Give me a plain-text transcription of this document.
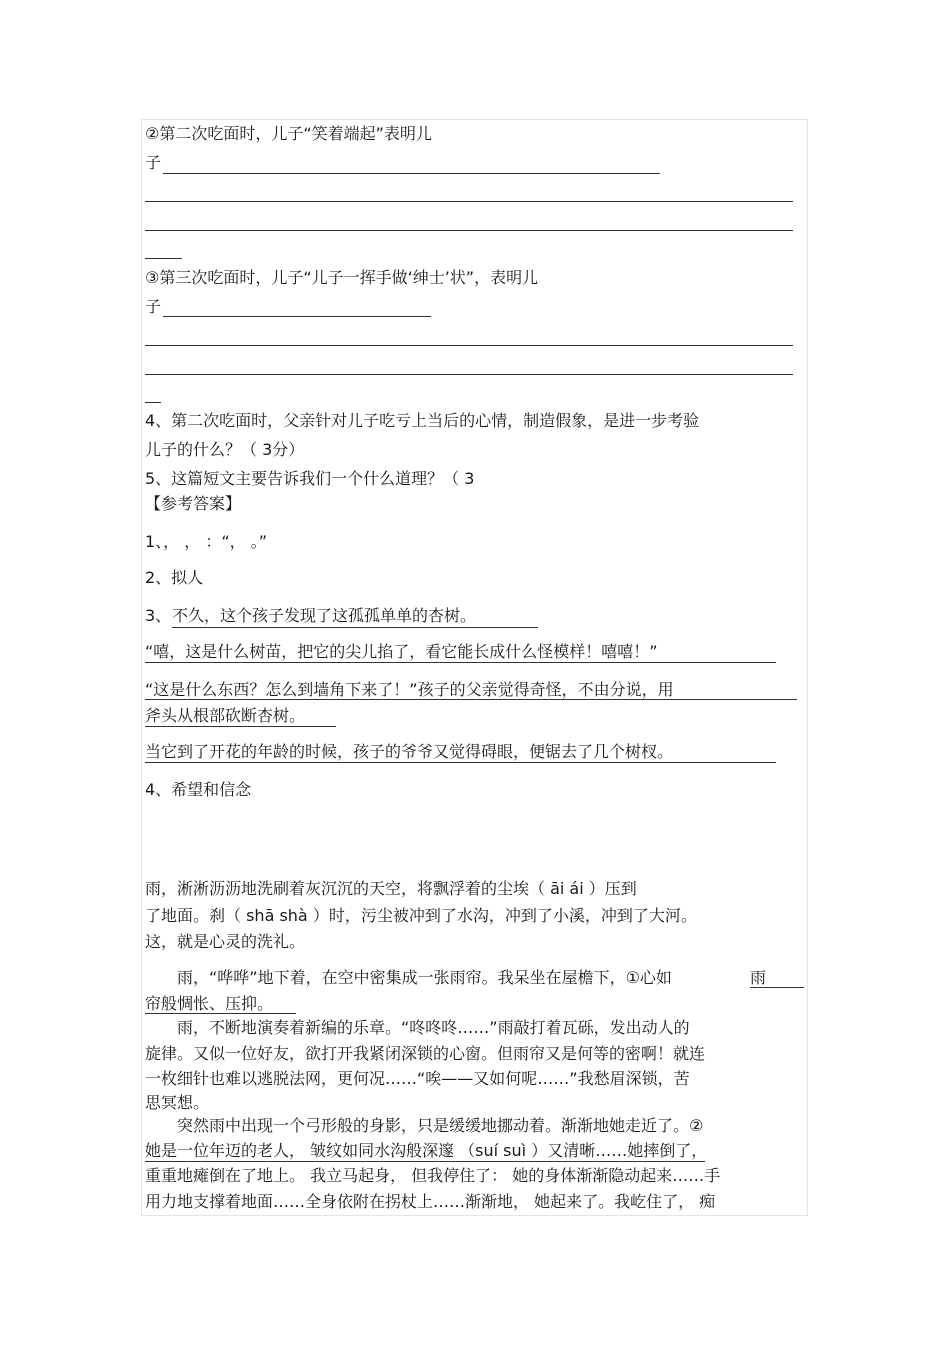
②第二次吃面时，儿子“笑着端起”表明儿
子
③第三次吃面时，儿子“儿子一挥手做‘绅士’状”，表明儿
子
4、第二次吃面时，父亲针对儿子吃亏上当后的心情，制造假象，是进一步考验
儿子的什么？（ 3分）
5、这篇短文主要告诉我们一个什么道理？（ 3
【参考答案】
1、， ， ：“， 。”
2、拟人
3、 不久，这个孩子发现了这孤孤单单的杏树。
“嘻，这是什么树苗，把它的尖儿掐了，看它能长成什么怪模样！嘻嘻！”
“这是什么东西？怎么到墙角下来了！”孩子的父亲觉得奇怪，不由分说，用
斧头从根部砍断杏树。
当它到了开花的年龄的时候，孩子的爷爷又觉得碍眼，便锯去了几个树杈。
4、希望和信念
雨，淅淅沥沥地洗刷着灰沉沉的天空，将飘浮着的尘埃（ āi ái ）压到
了地面。刹（ shā shà ）时，污尘被冲到了水沟，冲到了小溪，冲到了大河。
这，就是心灵的洗礼。
雨，“哗哗”地下着，在空中密集成一张雨帘。我呆坐在屋檐下，①心如	雨
帘般惆怅、压抑。
雨，不断地演奏着新编的乐章。“咚咚咚……”雨敲打着瓦砾，发出动人的
旋律。又似一位好友，欲打开我紧闭深锁的心窗。但雨帘又是何等的密啊！就连
一枚细针也难以逃脱法网，更何况……“唉——又如何呢……”我愁眉深锁，苦
思冥想。
突然雨中出现一个弓形般的身影，只是缓缓地挪动着。渐渐地她走近了。②
她是一位年迈的老人， 皱纹如同水沟般深邃 （suí suì ）又清晰……她摔倒了，
重重地瘫倒在了地上。 我立马起身， 但我停住了： 她的身体渐渐隐动起来……手
用力地支撑着地面……全身依附在拐杖上……渐渐地， 她起来了。我屹住了， 痴
